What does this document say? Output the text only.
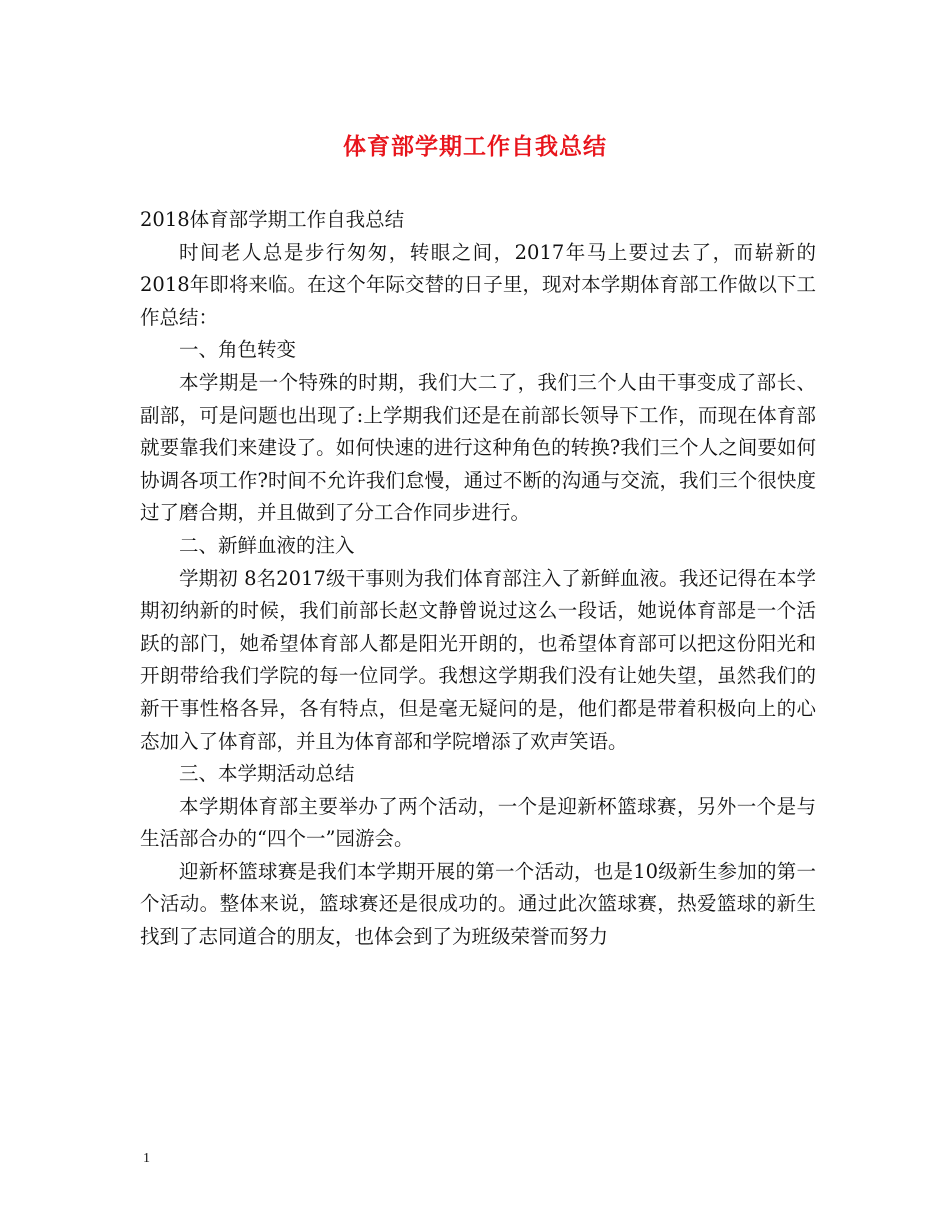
体育部学期工作自我总结

2018体育部学期工作自我总结

时间老人总是步行匆匆，转眼之间，2017年马上要过去了，而崭新的2018年即将来临。在这个年际交替的日子里，现对本学期体育部工作做以下工作总结：

一、角色转变

本学期是一个特殊的时期，我们大二了，我们三个人由干事变成了部长、副部，可是问题也出现了:上学期我们还是在前部长领导下工作，而现在体育部就要靠我们来建设了。如何快速的进行这种角色的转换?我们三个人之间要如何协调各项工作?时间不允许我们怠慢，通过不断的沟通与交流，我们三个很快度过了磨合期，并且做到了分工合作同步进行。

二、新鲜血液的注入

学期初 8名2017级干事则为我们体育部注入了新鲜血液。我还记得在本学期初纳新的时候，我们前部长赵文静曾说过这么一段话，她说体育部是一个活跃的部门，她希望体育部人都是阳光开朗的，也希望体育部可以把这份阳光和开朗带给我们学院的每一位同学。我想这学期我们没有让她失望，虽然我们的新干事性格各异，各有特点，但是毫无疑问的是，他们都是带着积极向上的心态加入了体育部，并且为体育部和学院增添了欢声笑语。

三、本学期活动总结

本学期体育部主要举办了两个活动，一个是迎新杯篮球赛，另外一个是与生活部合办的“四个一”园游会。

迎新杯篮球赛是我们本学期开展的第一个活动，也是10级新生参加的第一个活动。整体来说，篮球赛还是很成功的。通过此次篮球赛，热爱篮球的新生找到了志同道合的朋友，也体会到了为班级荣誉而努力

1
